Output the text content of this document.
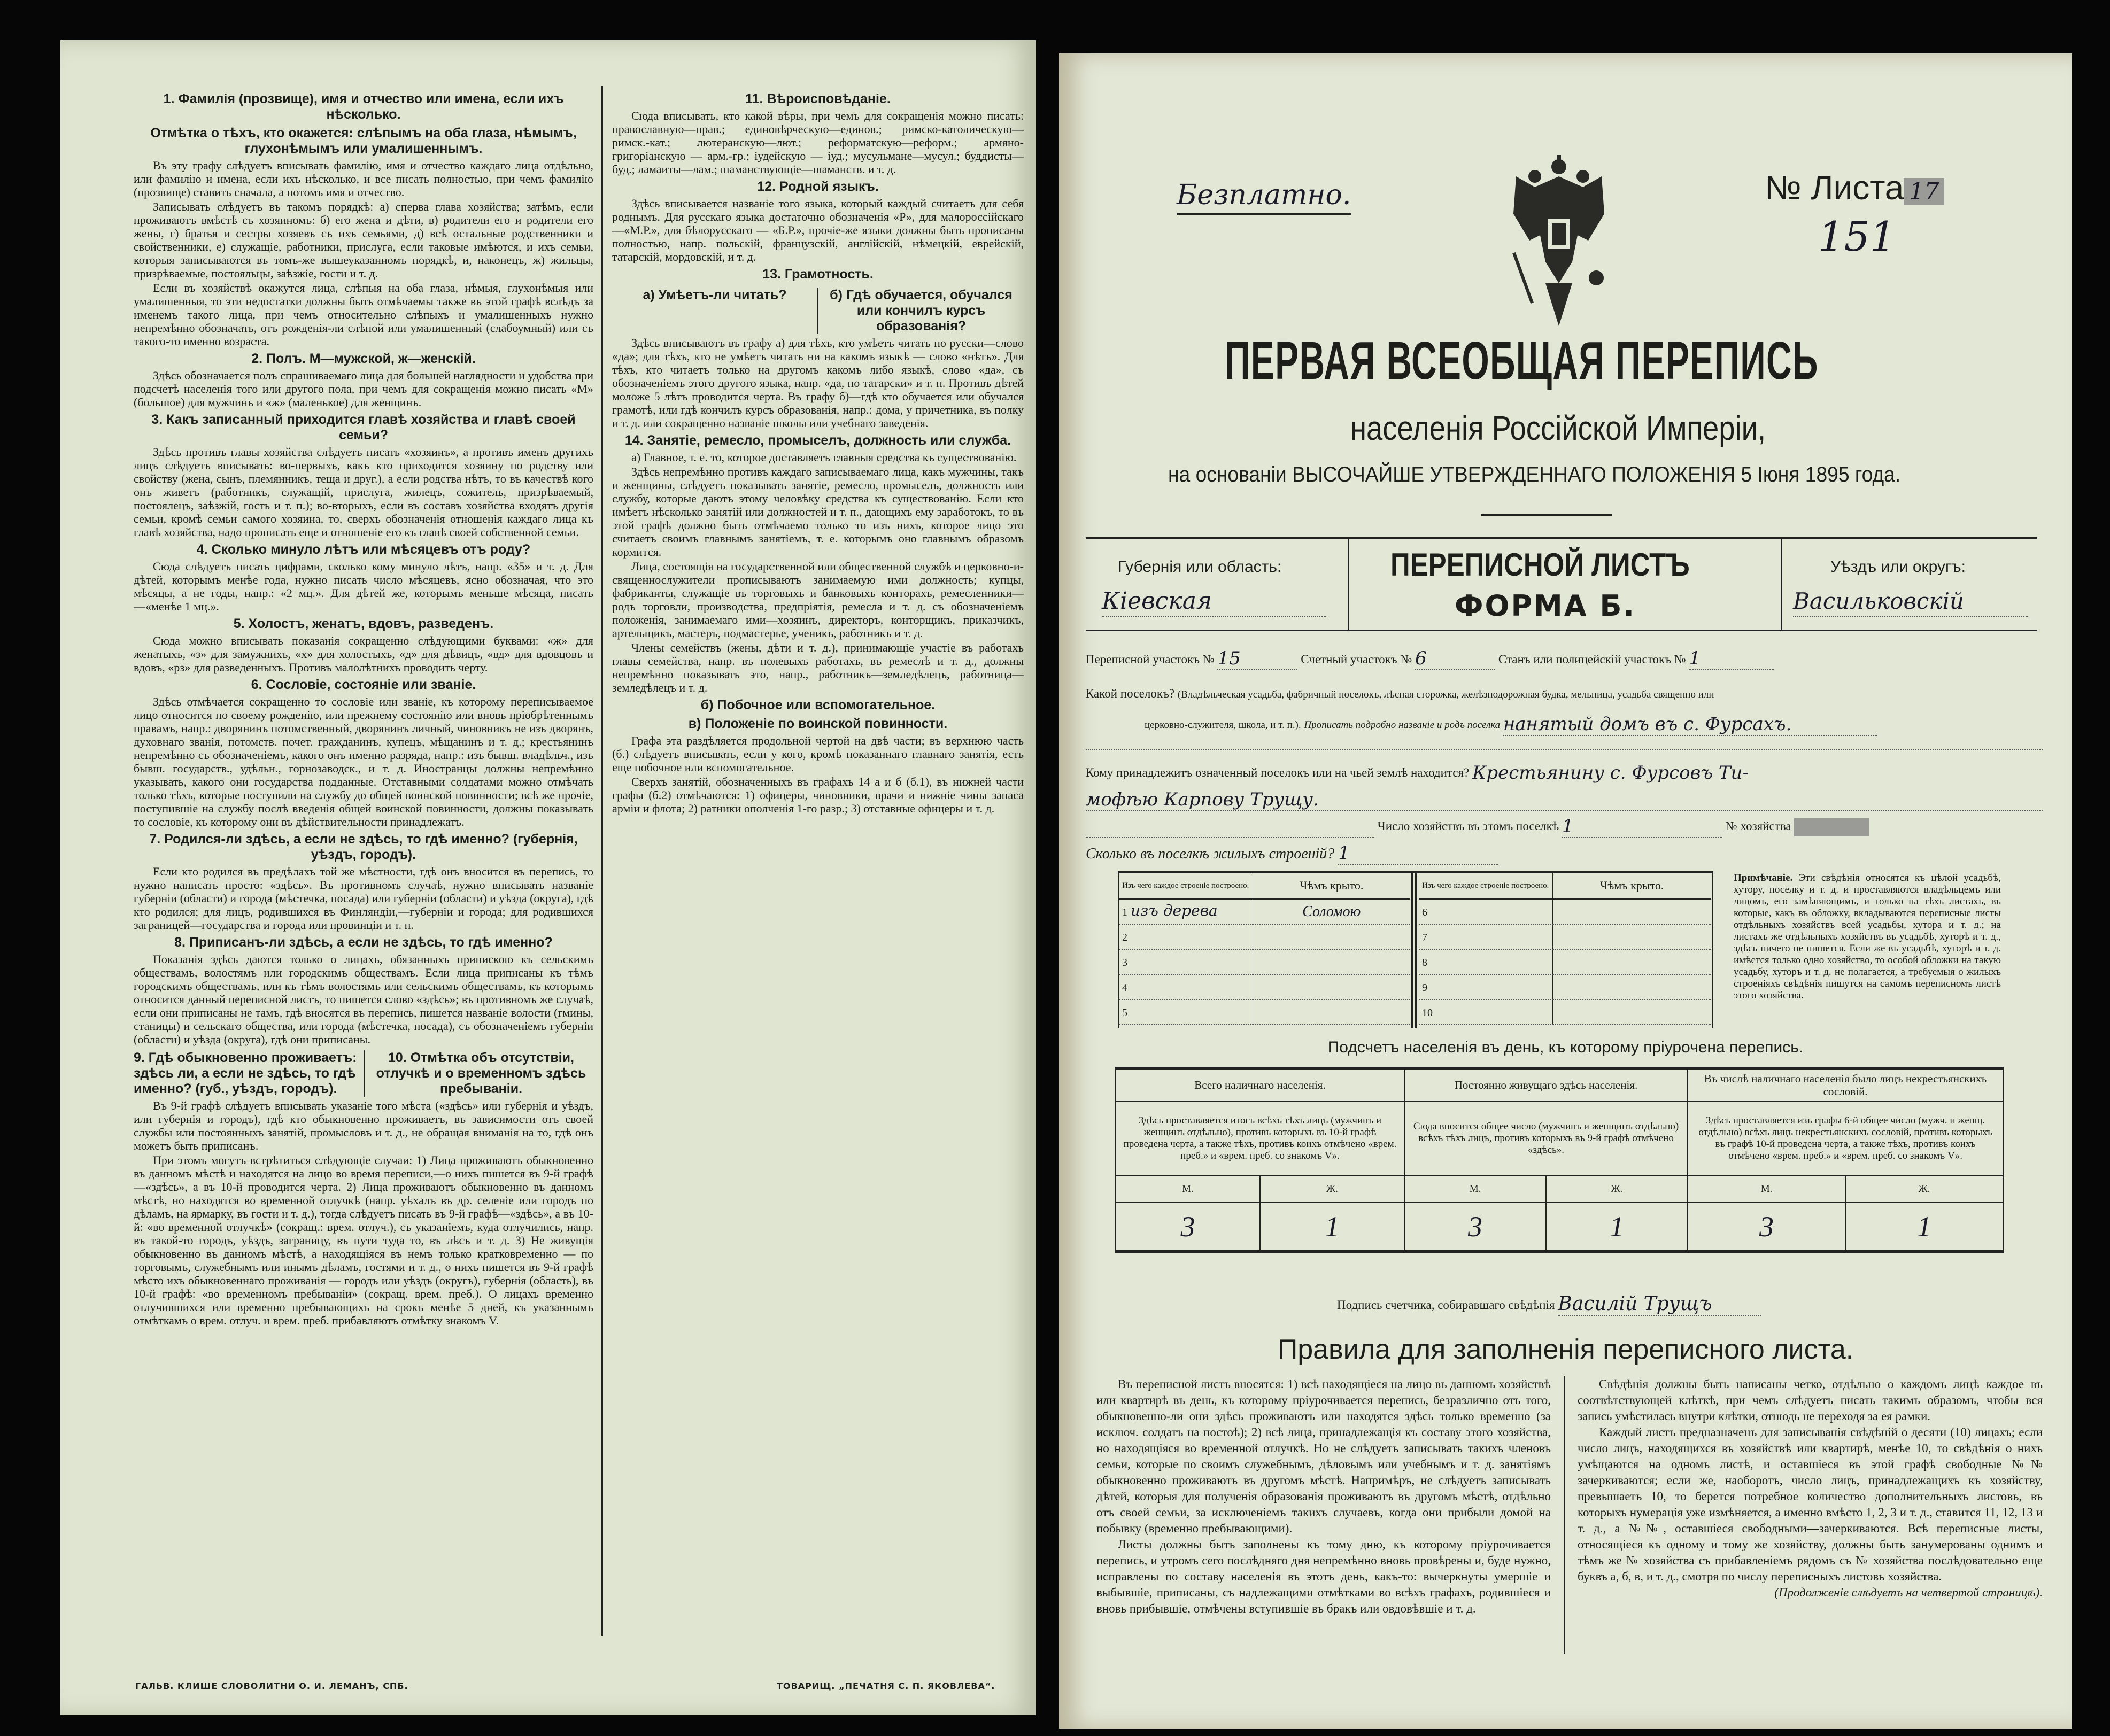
1. Фамилія (прозвище), имя и отчество или имена, если ихъ нѣсколько.
Отмѣтка о тѣхъ, кто окажется: слѣпымъ на оба глаза, нѣмымъ, глухонѣмымъ или умалишеннымъ.

Въ эту графу слѣдуетъ вписывать фамилію, имя и отчество каждаго лица отдѣльно, или фамилію и имена, если ихъ нѣсколько, и все писать полностью, при чемъ фамилію (прозвище) ставить сначала, а потомъ имя и отчество.

Записывать слѣдуетъ въ такомъ порядкѣ: а) сперва глава хозяйства; затѣмъ, если проживаютъ вмѣстѣ съ хозяиномъ: б) его жена и дѣти, в) родители его и родители его жены, г) братья и сестры хозяевъ съ ихъ семьями, д) всѣ остальные родственники и свойственники, е) служащіе, работники, прислуга, если таковые имѣются, и ихъ семьи, которыя записываются въ томъ-же вышеуказанномъ порядкѣ, и, наконецъ, ж) жильцы, призрѣваемые, постояльцы, заѣзжіе, гости и т. д.

Если въ хозяйствѣ окажутся лица, слѣпыя на оба глаза, нѣмыя, глухонѣмыя или умалишенныя, то эти недостатки должны быть отмѣчаемы также въ этой графѣ вслѣдъ за именемъ такого лица, при чемъ относительно слѣпыхъ и умалишенныхъ нужно непремѣнно обозначать, отъ рожденія-ли слѣпой или умалишенный (слабоумный) или съ такого-то именно возраста.

2. Полъ. М—мужской, ж—женскій.

Здѣсь обозначается полъ спрашиваемаго лица для большей наглядности и удобства при подсчетѣ населенія того или другого пола, при чемъ для сокращенія можно писать «М» (большое) для мужчинъ и «ж» (маленькое) для женщинъ.

3. Какъ записанный приходится главѣ хозяйства и главѣ своей семьи?

Здѣсь противъ главы хозяйства слѣдуетъ писать «хозяинъ», а противъ именъ другихъ лицъ слѣдуетъ вписывать: во-первыхъ, какъ кто приходится хозяину по родству или свойству (жена, сынъ, племянникъ, теща и друг.), а если родства нѣтъ, то въ качествѣ кого онъ живетъ (работникъ, служащій, прислуга, жилецъ, сожитель, призрѣваемый, постоялецъ, заѣзжій, гость и т. п.); во-вторыхъ, если въ составъ хозяйства входятъ другія семьи, кромѣ семьи самого хозяина, то, сверхъ обозначенія отношенія каждаго лица къ главѣ хозяйства, надо прописать еще и отношеніе его къ главѣ своей собственной семьи.

4. Сколько минуло лѣтъ или мѣсяцевъ отъ роду?

Сюда слѣдуетъ писать цифрами, сколько кому минуло лѣтъ, напр. «35» и т. д. Для дѣтей, которымъ менѣе года, нужно писать число мѣсяцевъ, ясно обозначая, что это мѣсяцы, а не годы, напр.: «2 мц.». Для дѣтей же, которымъ меньше мѣсяца, писать—«менѣе 1 мц.».

5. Холостъ, женатъ, вдовъ, разведенъ.

Сюда можно вписывать показанія сокращенно слѣдующими буквами: «ж» для женатыхъ, «з» для замужнихъ, «х» для холостыхъ, «д» для дѣвицъ, «вд» для вдовцовъ и вдовъ, «рз» для разведенныхъ. Противъ малолѣтнихъ проводить черту.

6. Сословіе, состояніе или званіе.

Здѣсь отмѣчается сокращенно то сословіе или званіе, къ которому переписываемое лицо относится по своему рожденію, или прежнему состоянію или вновь пріобрѣтеннымъ правамъ, напр.: дворянинъ потомственный, дворянинъ личный, чиновникъ не изъ дворянъ, духовнаго званія, потомств. почет. гражданинъ, купецъ, мѣщанинъ и т. д.; крестьянинъ непремѣнно съ обозначеніемъ, какого онъ именно разряда, напр.: изъ бывш. владѣльч., изъ бывш. государств., удѣльн., горнозаводск., и т. д. Иностранцы должны непремѣнно указывать, какого они государства подданные. Отставными солдатами можно отмѣчать только тѣхъ, которые поступили на службу до общей воинской повинности; всѣ же прочіе, поступившіе на службу послѣ введенія общей воинской повинности, должны показывать то сословіе, къ которому они въ дѣйствительности принадлежатъ.

7. Родился-ли здѣсь, а если не здѣсь, то гдѣ именно? (губернія, уѣздъ, городъ).

Если кто родился въ предѣлахъ той же мѣстности, гдѣ онъ вносится въ перепись, то нужно написать просто: «здѣсь». Въ противномъ случаѣ, нужно вписывать названіе губерніи (области) и города (мѣстечка, посада) или губерніи (области) и уѣзда (округа), гдѣ кто родился; для лицъ, родившихся въ Финляндіи,—губерніи и города; для родившихся заграницей—государства и города или провинціи и т. п.

8. Приписанъ-ли здѣсь, а если не здѣсь, то гдѣ именно?

Показанія здѣсь даются только о лицахъ, обязанныхъ припискою къ сельскимъ обществамъ, волостямъ или городскимъ обществамъ. Если лица приписаны къ тѣмъ городскимъ обществамъ, или къ тѣмъ волостямъ или сельскимъ обществамъ, къ которымъ относится данный переписной листъ, то пишется слово «здѣсь»; въ противномъ же случаѣ, если они приписаны не тамъ, гдѣ вносятся въ перепись, пишется названіе волости (гмины, станицы) и сельскаго общества, или города (мѣстечка, посада), съ обозначеніемъ губерніи (области) и уѣзда (округа), гдѣ они приписаны.

9. Гдѣ обыкновенно проживаетъ: здѣсь ли, а если не здѣсь, то гдѣ именно? (губ., уѣздъ, городъ).
10. Отмѣтка объ отсутствіи, отлучкѣ и о временномъ здѣсь пребываніи.

Въ 9-й графѣ слѣдуетъ вписывать указаніе того мѣста («здѣсь» или губернія и уѣздъ, или губернія и городъ), гдѣ кто обыкновенно проживаетъ, въ зависимости отъ своей службы или постоянныхъ занятій, промысловъ и т. д., не обращая вниманія на то, гдѣ онъ можетъ быть приписанъ.

При этомъ могутъ встрѣтиться слѣдующіе случаи: 1) Лица проживаютъ обыкновенно въ данномъ мѣстѣ и находятся на лицо во время переписи,—о нихъ пишется въ 9-й графѣ—«здѣсь», а въ 10-й проводится черта. 2) Лица проживаютъ обыкновенно въ данномъ мѣстѣ, но находятся во временной отлучкѣ (напр. уѣхалъ въ др. селеніе или городъ по дѣламъ, на ярмарку, въ гости и т. д.), тогда слѣдуетъ писать въ 9-й графѣ—«здѣсь», а въ 10-й: «во временной отлучкѣ» (сокращ.: врем. отлуч.), съ указаніемъ, куда отлучились, напр. въ такой-то городъ, уѣздъ, заграницу, въ пути туда то, въ лѣсъ и т. д. 3) Не живущія обыкновенно въ данномъ мѣстѣ, а находящіяся въ немъ только кратковременно — по торговымъ, служебнымъ или инымъ дѣламъ, гостями и т. д., о нихъ пишется въ 9-й графѣ мѣсто ихъ обыкновеннаго проживанія — городъ или уѣздъ (округъ), губернія (область), въ 10-й графѣ: «во временномъ пребываніи» (сокращ. врем. преб.). О лицахъ временно отлучившихся или временно пребывающихъ на срокъ менѣе 5 дней, къ указаннымъ отмѣткамъ о врем. отлуч. и врем. преб. прибавляютъ отмѣтку знакомъ V.

11. Вѣроисповѣданіе.

Сюда вписывать, кто какой вѣры, при чемъ для сокращенія можно писать: православную—прав.; единовѣрческую—единов.; римско-католическую—римск.-кат.; лютеранскую—лют.; реформатскую—реформ.; армяно-григоріанскую — арм.-гр.; іудейскую — іуд.; мусульмане—мусул.; буддисты—буд.; ламаиты—лам.; шаманствующіе—шаманств. и т. д.

12. Родной языкъ.

Здѣсь вписывается названіе того языка, который каждый считаетъ для себя роднымъ. Для русскаго языка достаточно обозначенія «Р», для малороссійскаго—«М.Р.», для бѣлорусскаго — «Б.Р.», прочіе-же языки должны быть прописаны полностью, напр. польскій, французскій, англійскій, нѣмецкій, еврейскій, татарскій, мордовскій, и т. д.

13. Грамотность.
а) Умѣетъ-ли читать?	б) Гдѣ обучается, обучался или кончилъ курсъ образованія?

Здѣсь вписываютъ въ графу а) для тѣхъ, кто умѣетъ читать по русски—слово «да»; для тѣхъ, кто не умѣетъ читать ни на какомъ языкѣ — слово «нѣтъ». Для тѣхъ, кто читаетъ только на другомъ какомъ либо языкѣ, слово «да», съ обозначеніемъ этого другого языка, напр. «да, по татарски» и т. п. Противъ дѣтей моложе 5 лѣтъ проводится черта. Въ графу б)—гдѣ кто обучается или обучался грамотѣ, или гдѣ кончилъ курсъ образованія, напр.: дома, у причетника, въ полку и т. д. или сокращенно названіе школы или учебнаго заведенія.

14. Занятіе, ремесло, промыселъ, должность или служба.

а) Главное, т. е. то, которое доставляетъ главныя средства къ существованію.

Здѣсь непремѣнно противъ каждаго записываемаго лица, какъ мужчины, такъ и женщины, слѣдуетъ показывать занятіе, ремесло, промыселъ, должность или службу, которые даютъ этому человѣку средства къ существованію. Если кто имѣетъ нѣсколько занятій или должностей и т. п., дающихъ ему заработокъ, то въ этой графѣ должно быть отмѣчаемо только то изъ нихъ, которое лицо это считаетъ своимъ главнымъ занятіемъ, т. е. которымъ оно главнымъ образомъ кормится.

Лица, состоящія на государственной или общественной службѣ и церковно-и-священнослужители прописываютъ занимаемую ими должность; купцы, фабриканты, служащіе въ торговыхъ и банковыхъ конторахъ, ремесленники—родъ торговли, производства, предпріятія, ремесла и т. д. съ обозначеніемъ положенія, занимаемаго ими—хозяинъ, директоръ, конторщикъ, приказчикъ, артельщикъ, мастеръ, подмастерье, ученикъ, работникъ и т. д.

Члены семействъ (жены, дѣти и т. д.), принимающіе участіе въ работахъ главы семейства, напр. въ полевыхъ работахъ, въ ремеслѣ и т. д., должны непремѣнно показывать это, напр., работникъ—земледѣлецъ, работница—земледѣлецъ и т. д.

б) Побочное или вспомогательное.
в) Положеніе по воинской повинности.

Графа эта раздѣляется продольной чертой на двѣ части; въ верхнюю часть (б.) слѣдуетъ вписывать, если у кого, кромѣ показаннаго главнаго занятія, есть еще побочное или вспомогательное.

Сверхъ занятій, обозначенныхъ въ графахъ 14 а и б (б.1), въ нижней части графы (б.2) отмѣчаются: 1) офицеры, чиновники, врачи и нижніе чины запаса арміи и флота; 2) ратники ополченія 1-го разр.; 3) отставные офицеры и т. д.

ГАЛЬВ. КЛИШЕ СЛОВОЛИТНИ О. И. ЛЕМАНЪ, СПБ.	ТОВАРИЩ. „ПЕЧАТНЯ С. П. ЯКОВЛЕВА“.
Безплатно.	№ Листа 17
151
ПЕРВАЯ ВСЕОБЩАЯ ПЕРЕПИСЬ
населенія Россійской Имперіи,
на основаніи ВЫСОЧАЙШЕ УТВЕРЖДЕННАГО ПОЛОЖЕНІЯ 5 Іюня 1895 года.
Губернія или область:
Кіевская
ПЕРЕПИСНОЙ ЛИСТЪ
ФОРМА Б.
Уѣздъ или округъ:
Васильковскій
Переписной участокъ № 15	Счетный участокъ № 6	Станъ или полицейскій участокъ № 1
Какой поселокъ? (Владѣльческая усадьба, фабричный поселокъ, лѣсная сторожка, желѣзнодорожная будка, мельница, усадьба священно или
церковно-служителя, школа, и т. п.). Прописать подробно названіе и родъ поселка нанятый домъ въ с. Фурсахъ.
Кому принадлежитъ означенный поселокъ или на чьей землѣ находится? Крестьянину с. Фурсовъ Ти-
мофѣю Карпову Трущу.
Число хозяйствъ въ этомъ поселкѣ 1	№ хозяйства
Сколько въ поселкѣ жилыхъ строеній? 1
Изъ чего каждое строеніе построено.	Чѣмъ крыто.
1 изъ дерева	Соломою
2	
3	
4	
5	
Изъ чего каждое строеніе построено.	Чѣмъ крыто.
6	
7	
8	
9	
10	
Примѣчаніе. Эти свѣдѣнія относятся къ цѣлой усадьбѣ, хутору, поселку и т. д. и проставляются владѣльцемъ или лицомъ, его замѣняющимъ, и только на тѣхъ листахъ, въ которые, какъ въ обложку, вкладываются переписные листы отдѣльныхъ хозяйствъ всей усадьбы, хутора и т. д.; на листахъ же отдѣльныхъ хозяйствъ въ усадьбѣ, хуторѣ и т. д., здѣсь ничего не пишется. Если же въ усадьбѣ, хуторѣ и т. д. имѣется только одно хозяйство, то особой обложки на такую усадьбу, хуторъ и т. д. не полагается, а требуемыя о жилыхъ строеніяхъ свѣдѣнія пишутся на самомъ переписномъ листѣ этого хозяйства.
Подсчетъ населенія въ день, къ которому пріурочена перепись.
Всего наличнаго населенія.		Постоянно живущаго здѣсь населенія.		Въ числѣ наличнаго населенія было лицъ некрестьянскихъ сословій.	
Здѣсь проставляется итогъ всѣхъ тѣхъ лицъ (мужчинъ и женщинъ отдѣльно), противъ которыхъ въ 10-й графѣ проведена черта, а также тѣхъ, противъ коихъ отмѣчено «врем. преб.» и «врем. преб. со знакомъ V».		Сюда вносится общее число (мужчинъ и женщинъ отдѣльно) всѣхъ тѣхъ лицъ, противъ которыхъ въ 9-й графѣ отмѣчено «здѣсь».		Здѣсь проставляется изъ графы 6-й общее число (мужч. и женщ. отдѣльно) всѣхъ лицъ некрестьянскихъ сословій, противъ которыхъ въ графѣ 10-й проведена черта, а также тѣхъ, противъ коихъ отмѣчено «врем. преб.» и «врем. преб. со знакомъ V».	
М.	Ж.	М.	Ж.	М.	Ж.
3	1	3	1	3	1
Подпись счетчика, собиравшаго свѣдѣнія Василій Трущъ
Правила для заполненія переписного листа.

Въ переписной листъ вносятся: 1) всѣ находящіеся на лицо въ данномъ хозяйствѣ или квартирѣ въ день, къ которому пріурочивается перепись, безразлично отъ того, обыкновенно-ли они здѣсь проживаютъ или находятся здѣсь только временно (за исключ. солдатъ на постоѣ); 2) всѣ лица, принадлежащія къ составу этого хозяйства, но находящіяся во временной отлучкѣ. Но не слѣдуетъ записывать такихъ членовъ семьи, которые по своимъ служебнымъ, дѣловымъ или учебнымъ и т. д. занятіямъ обыкновенно проживаютъ въ другомъ мѣстѣ. Напримѣръ, не слѣдуетъ записывать дѣтей, которыя для полученія образованія проживаютъ въ другомъ мѣстѣ, отдѣльно отъ своей семьи, за исключеніемъ такихъ случаевъ, когда они прибыли домой на побывку (временно пребывающими).

Листы должны быть заполнены къ тому дню, къ которому пріурочивается перепись, и утромъ сего послѣдняго дня непремѣнно вновь провѣрены и, буде нужно, исправлены по составу населенія въ этотъ день, какъ-то: вычеркнуты умершіе и выбывшіе, приписаны, съ надлежащими отмѣтками во всѣхъ графахъ, родившіеся и вновь прибывшіе, отмѣчены вступившіе въ бракъ или овдовѣвшіе и т. д.

Свѣдѣнія должны быть написаны четко, отдѣльно о каждомъ лицѣ каждое въ соотвѣтствующей клѣткѣ, при чемъ слѣдуетъ писать такимъ образомъ, чтобы вся запись умѣстилась внутри клѣтки, отнюдь не переходя за ея рамки.

Каждый листъ предназначенъ для записыванія свѣдѣній о десяти (10) лицахъ; если число лицъ, находящихся въ хозяйствѣ или квартирѣ, менѣе 10, то свѣдѣнія о нихъ умѣщаются на одномъ листѣ, и оставшіеся въ этой графѣ свободные №№ зачеркиваются; если же, наоборотъ, число лицъ, принадлежащихъ къ хозяйству, превышаетъ 10, то берется потребное количество дополнительныхъ листовъ, въ которыхъ нумерація уже измѣняется, а именно вмѣсто 1, 2, 3 и т. д., ставится 11, 12, 13 и т. д., а №№, оставшіеся свободными—зачеркиваются. Всѣ переписные листы, относящіеся къ одному и тому же хозяйству, должны быть занумерованы однимъ и тѣмъ же № хозяйства съ прибавленіемъ рядомъ съ № хозяйства послѣдовательно еще буквъ а, б, в, и т. д., смотря по числу переписныхъ листовъ хозяйства.

(Продолженіе слѣдуетъ на четвертой страницѣ).
